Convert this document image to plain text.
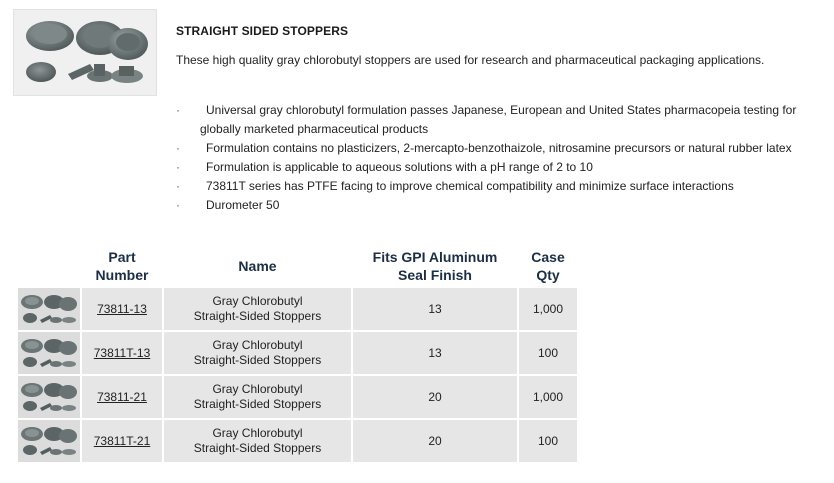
STRAIGHT SIDED STOPPERS
These high quality gray chlorobutyl stoppers are used for research and pharmaceutical packaging applications.
·	Universal gray chlorobutyl formulation passes Japanese, European and United States pharmacopeia testing for
globally marketed pharmaceutical products
·	Formulation contains no plasticizers, 2-mercapto-benzothaizole, nitrosamine precursors or natural rubber latex
·	Formulation is applicable to aqueous solutions with a pH range of 2 to 10
·	73811T series has PTFE facing to improve chemical compatibility and minimize surface interactions
·	Durometer 50
	Part
Number	Name	Fits GPI Aluminum
Seal Finish	Case
Qty

	73811-13	Gray Chlorobutyl
Straight-Sided Stoppers	13	1,000

	73811T-13	Gray Chlorobutyl
Straight-Sided Stoppers	13	100

	73811-21	Gray Chlorobutyl
Straight-Sided Stoppers	20	1,000

	73811T-21	Gray Chlorobutyl
Straight-Sided Stoppers	20	100
